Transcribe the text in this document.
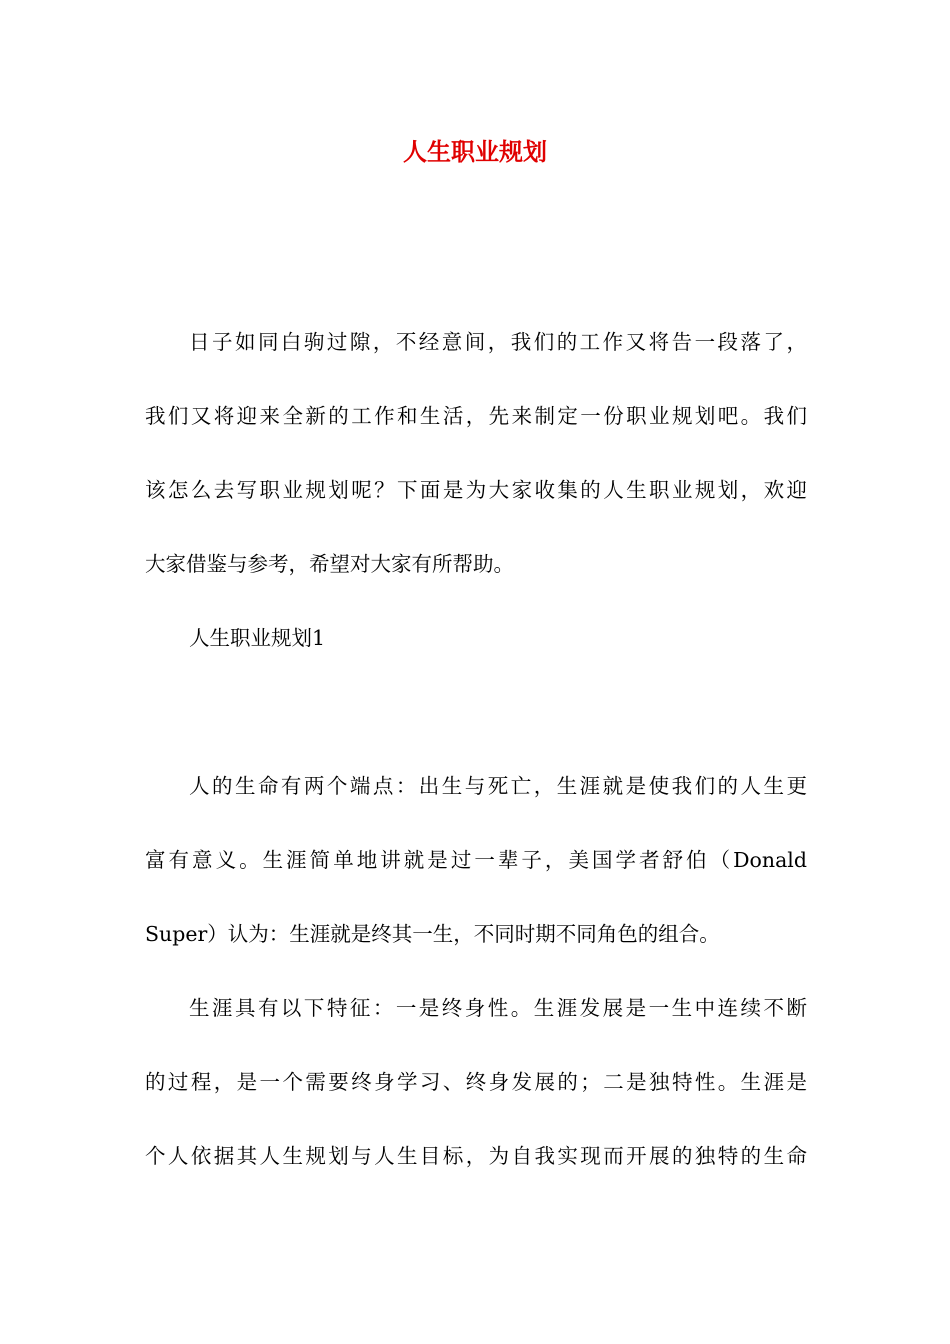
人生职业规划
日子如同白驹过隙，不经意间，我们的工作又将告一段落了，
我们又将迎来全新的工作和生活，先来制定一份职业规划吧。我们
该怎么去写职业规划呢？下面是为大家收集的人生职业规划，欢迎
大家借鉴与参考，希望对大家有所帮助。
人生职业规划1
人的生命有两个端点：出生与死亡，生涯就是使我们的人生更
富有意义。生涯简单地讲就是过一辈子，美国学者舒伯（Donald
Super）认为：生涯就是终其一生，不同时期不同角色的组合。
生涯具有以下特征：一是终身性。生涯发展是一生中连续不断
的过程，是一个需要终身学习、终身发展的；二是独特性。生涯是
个人依据其人生规划与人生目标，为自我实现而开展的独特的生命
